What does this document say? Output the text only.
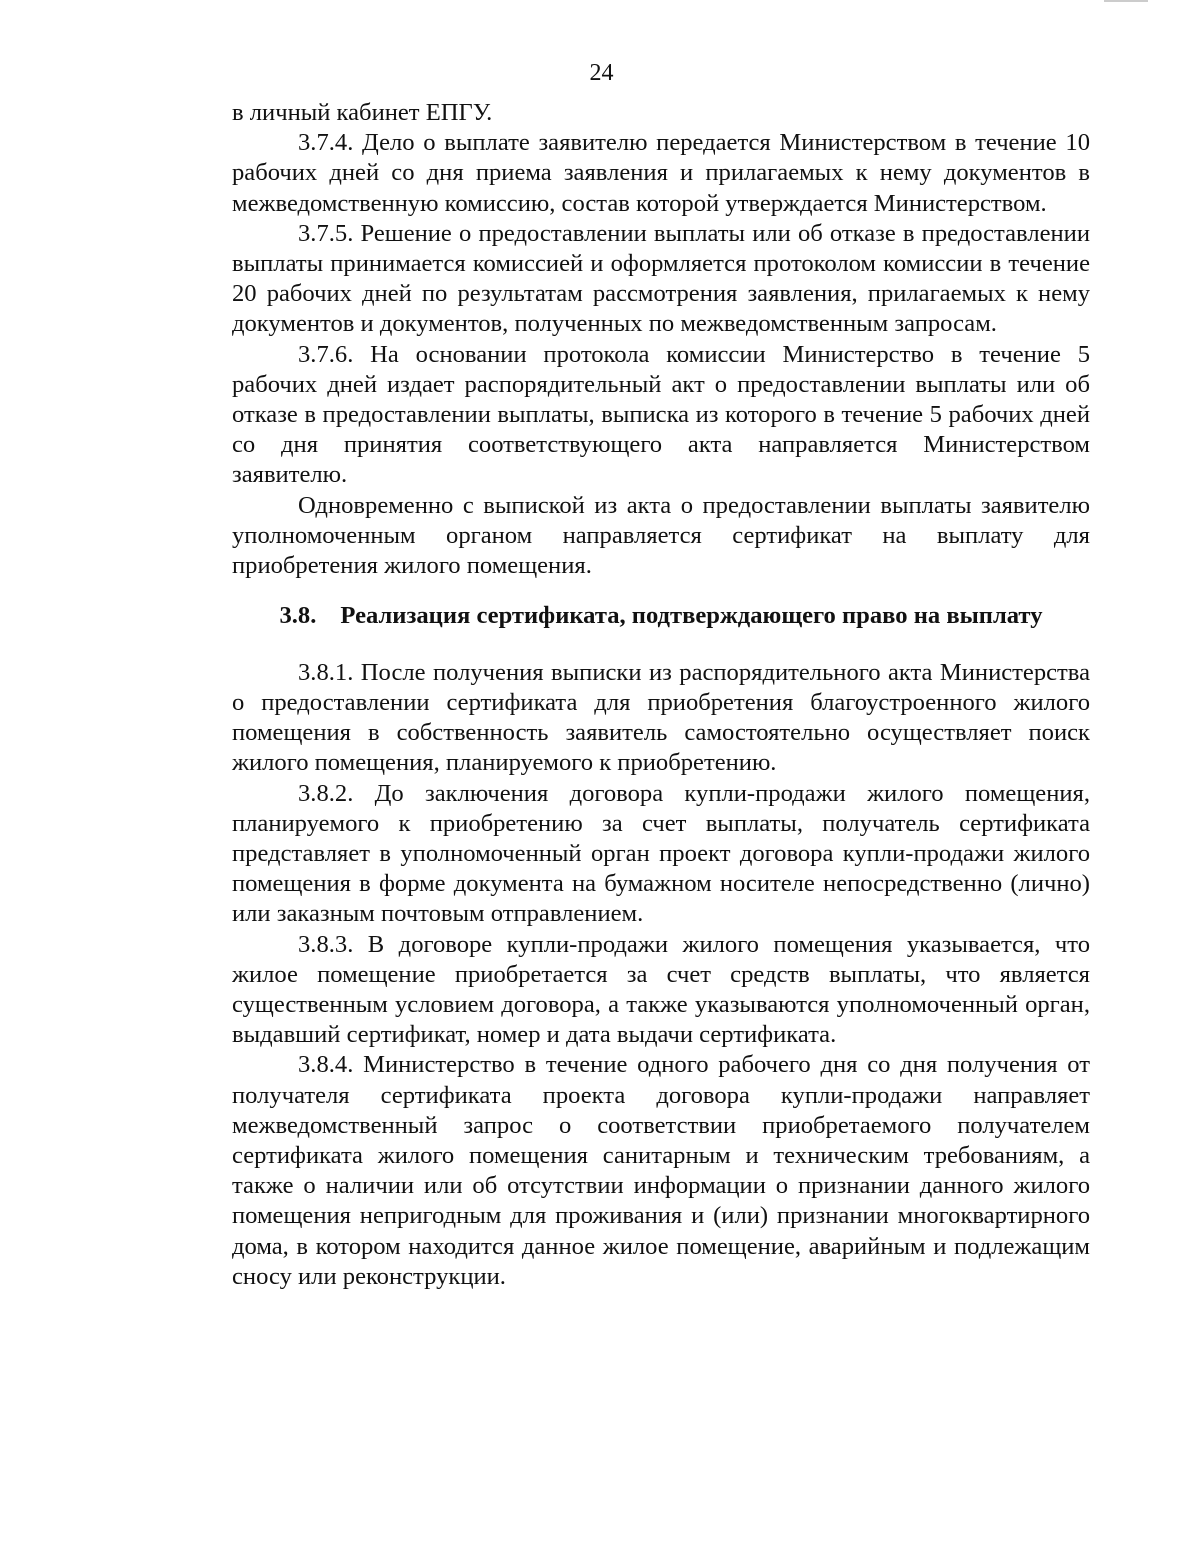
24

в личный кабинет ЕПГУ.

3.7.4. Дело о выплате заявителю передается Министерством в течение 10 рабочих дней со дня приема заявления и прилагаемых к нему документов в межведомственную комиссию, состав которой утверждается Министерством.

3.7.5. Решение о предоставлении выплаты или об отказе в предоставлении выплаты принимается комиссией и оформляется протоколом комиссии в течение 20 рабочих дней по результатам рассмотрения заявления, прилагаемых к нему документов и документов, полученных по межведомственным запросам.

3.7.6. На основании протокола комиссии Министерство в течение 5 рабочих дней издает распорядительный акт о предоставлении выплаты или об отказе в предоставлении выплаты, выписка из которого в течение 5 рабочих дней со дня принятия соответствующего акта направляется Министерством заявителю.

Одновременно с выпиской из акта о предоставлении выплаты заявителю уполномоченным органом направляется сертификат на выплату для приобретения жилого помещения.

3.8. Реализация сертификата, подтверждающего право на выплату

3.8.1. После получения выписки из распорядительного акта Министерства о предоставлении сертификата для приобретения благоустроенного жилого помещения в собственность заявитель самостоятельно осуществляет поиск жилого помещения, планируемого к приобретению.

3.8.2. До заключения договора купли-продажи жилого помещения, планируемого к приобретению за счет выплаты, получатель сертификата представляет в уполномоченный орган проект договора купли-продажи жилого помещения в форме документа на бумажном носителе непосредственно (лично) или заказным почтовым отправлением.

3.8.3. В договоре купли-продажи жилого помещения указывается, что жилое помещение приобретается за счет средств выплаты, что является существенным условием договора, а также указываются уполномоченный орган, выдавший сертификат, номер и дата выдачи сертификата.

3.8.4. Министерство в течение одного рабочего дня со дня получения от получателя сертификата проекта договора купли-продажи направляет межведомственный запрос о соответствии приобретаемого получателем сертификата жилого помещения санитарным и техническим требованиям, а также о наличии или об отсутствии информации о признании данного жилого помещения непригодным для проживания и (или) признании многоквартирного дома, в котором находится данное жилое помещение, аварийным и подлежащим сносу или реконструкции.
